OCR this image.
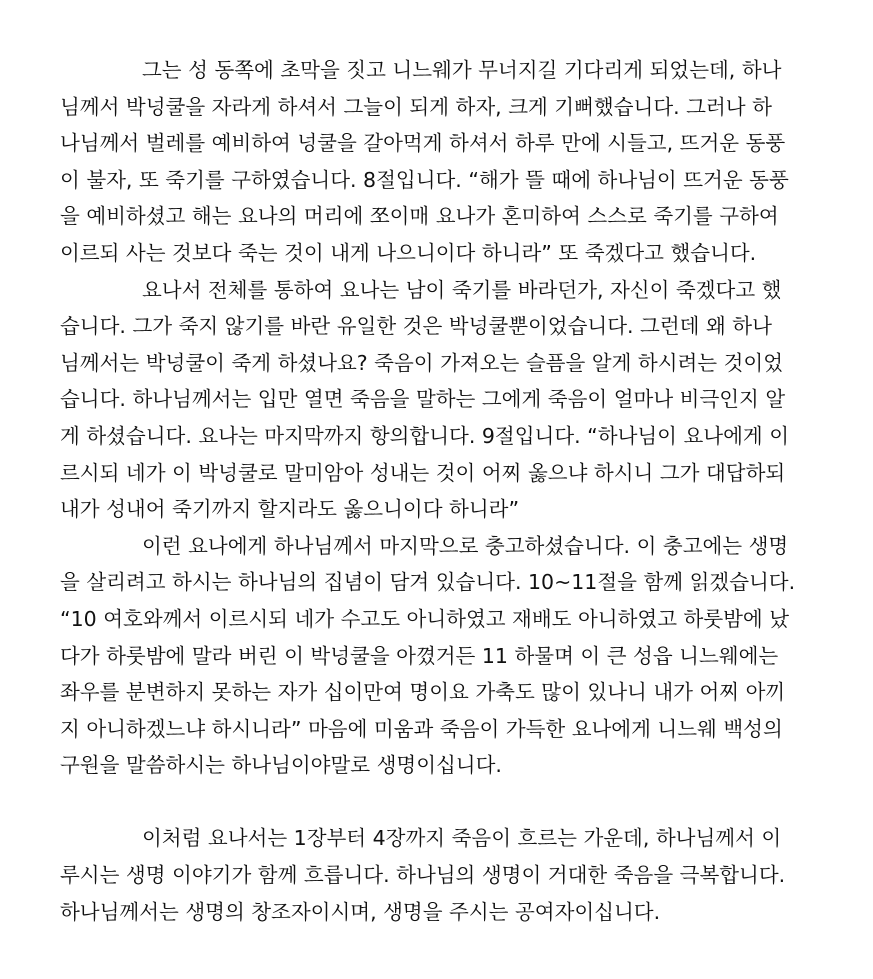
그는 성 동쪽에 초막을 짓고 니느웨가 무너지길 기다리게 되었는데, 하나
님께서 박넝쿨을 자라게 하셔서 그늘이 되게 하자, 크게 기뻐했습니다. 그러나 하
나님께서 벌레를 예비하여 넝쿨을 갈아먹게 하셔서 하루 만에 시들고, 뜨거운 동풍
이 불자, 또 죽기를 구하였습니다. 8절입니다. “해가 뜰 때에 하나님이 뜨거운 동풍
을 예비하셨고 해는 요나의 머리에 쪼이매 요나가 혼미하여 스스로 죽기를 구하여
이르되 사는 것보다 죽는 것이 내게 나으니이다 하니라” 또 죽겠다고 했습니다.
요나서 전체를 통하여 요나는 남이 죽기를 바라던가, 자신이 죽겠다고 했
습니다. 그가 죽지 않기를 바란 유일한 것은 박넝쿨뿐이었습니다. 그런데 왜 하나
님께서는 박넝쿨이 죽게 하셨나요? 죽음이 가져오는 슬픔을 알게 하시려는 것이었
습니다. 하나님께서는 입만 열면 죽음을 말하는 그에게 죽음이 얼마나 비극인지 알
게 하셨습니다. 요나는 마지막까지 항의합니다. 9절입니다. “하나님이 요나에게 이
르시되 네가 이 박넝쿨로 말미암아 성내는 것이 어찌 옳으냐 하시니 그가 대답하되
내가 성내어 죽기까지 할지라도 옳으니이다 하니라”
이런 요나에게 하나님께서 마지막으로 충고하셨습니다. 이 충고에는 생명
을 살리려고 하시는 하나님의 집념이 담겨 있습니다. 10~11절을 함께 읽겠습니다.
“10 여호와께서 이르시되 네가 수고도 아니하였고 재배도 아니하였고 하룻밤에 났
다가 하룻밤에 말라 버린 이 박넝쿨을 아꼈거든 11 하물며 이 큰 성읍 니느웨에는
좌우를 분변하지 못하는 자가 십이만여 명이요 가축도 많이 있나니 내가 어찌 아끼
지 아니하겠느냐 하시니라” 마음에 미움과 죽음이 가득한 요나에게 니느웨 백성의
구원을 말씀하시는 하나님이야말로 생명이십니다.
이처럼 요나서는 1장부터 4장까지 죽음이 흐르는 가운데, 하나님께서 이
루시는 생명 이야기가 함께 흐릅니다. 하나님의 생명이 거대한 죽음을 극복합니다.
하나님께서는 생명의 창조자이시며, 생명을 주시는 공여자이십니다.
